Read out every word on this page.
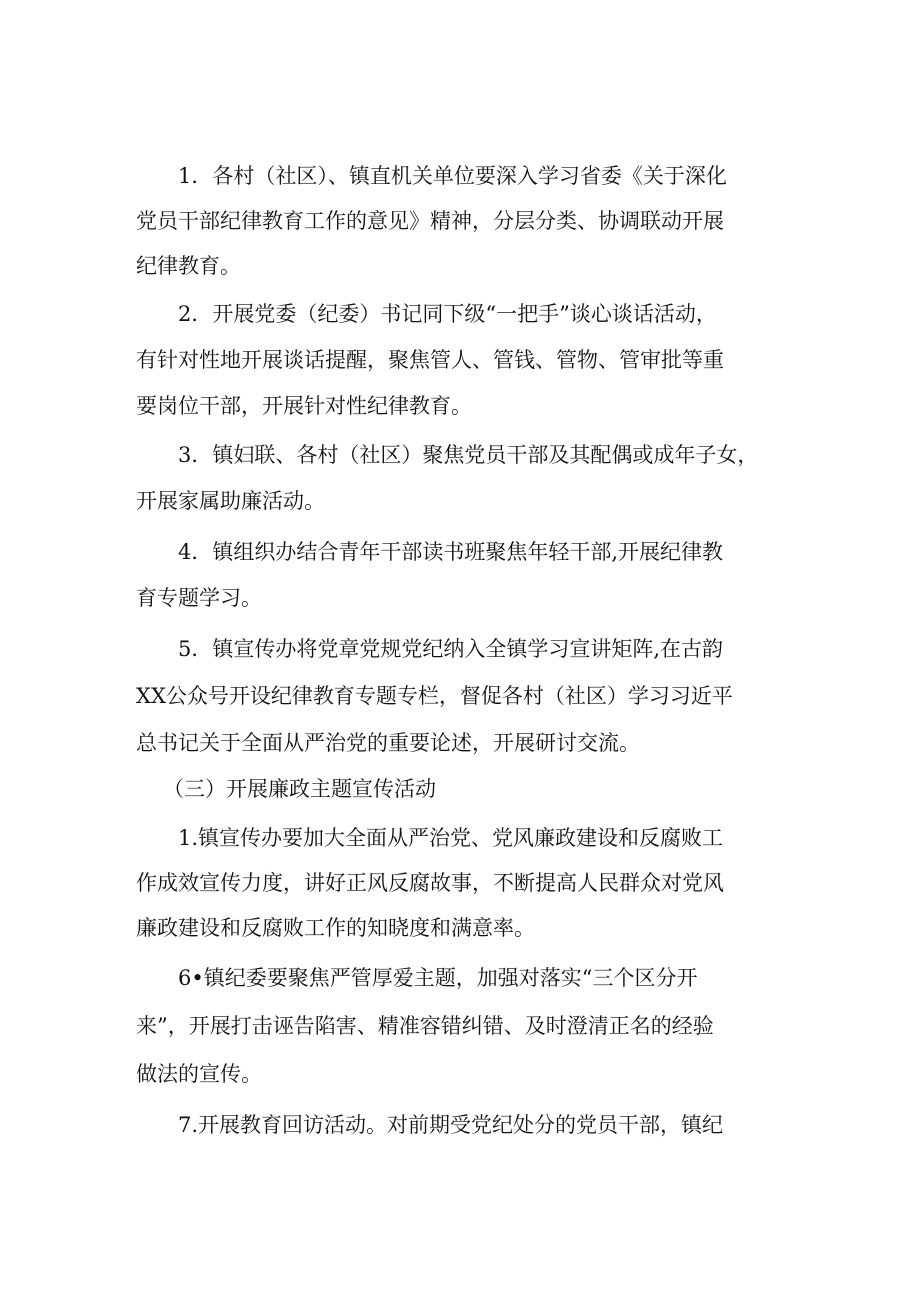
1．各村（社区）、镇直机关单位要深入学习省委《关于深化
党员干部纪律教育工作的意见》精神，分层分类、协调联动开展
纪律教育。
2．开展党委（纪委）书记同下级“一把手”谈心谈话活动，
有针对性地开展谈话提醒，聚焦管人、管钱、管物、管审批等重
要岗位干部，开展针对性纪律教育。
3．镇妇联、各村（社区）聚焦党员干部及其配偶或成年子女，
开展家属助廉活动。
4．镇组织办结合青年干部读书班聚焦年轻干部,开展纪律教
育专题学习。
5．镇宣传办将党章党规党纪纳入全镇学习宣讲矩阵,在古韵
XX公众号开设纪律教育专题专栏，督促各村（社区）学习习近平
总书记关于全面从严治党的重要论述，开展研讨交流。
（三）开展廉政主题宣传活动
1.镇宣传办要加大全面从严治党、党风廉政建设和反腐败工
作成效宣传力度，讲好正风反腐故事，不断提高人民群众对党风
廉政建设和反腐败工作的知晓度和满意率。
6•镇纪委要聚焦严管厚爱主题，加强对落实“三个区分开
来”，开展打击诬告陷害、精准容错纠错、及时澄清正名的经验
做法的宣传。
7.开展教育回访活动。对前期受党纪处分的党员干部，镇纪
